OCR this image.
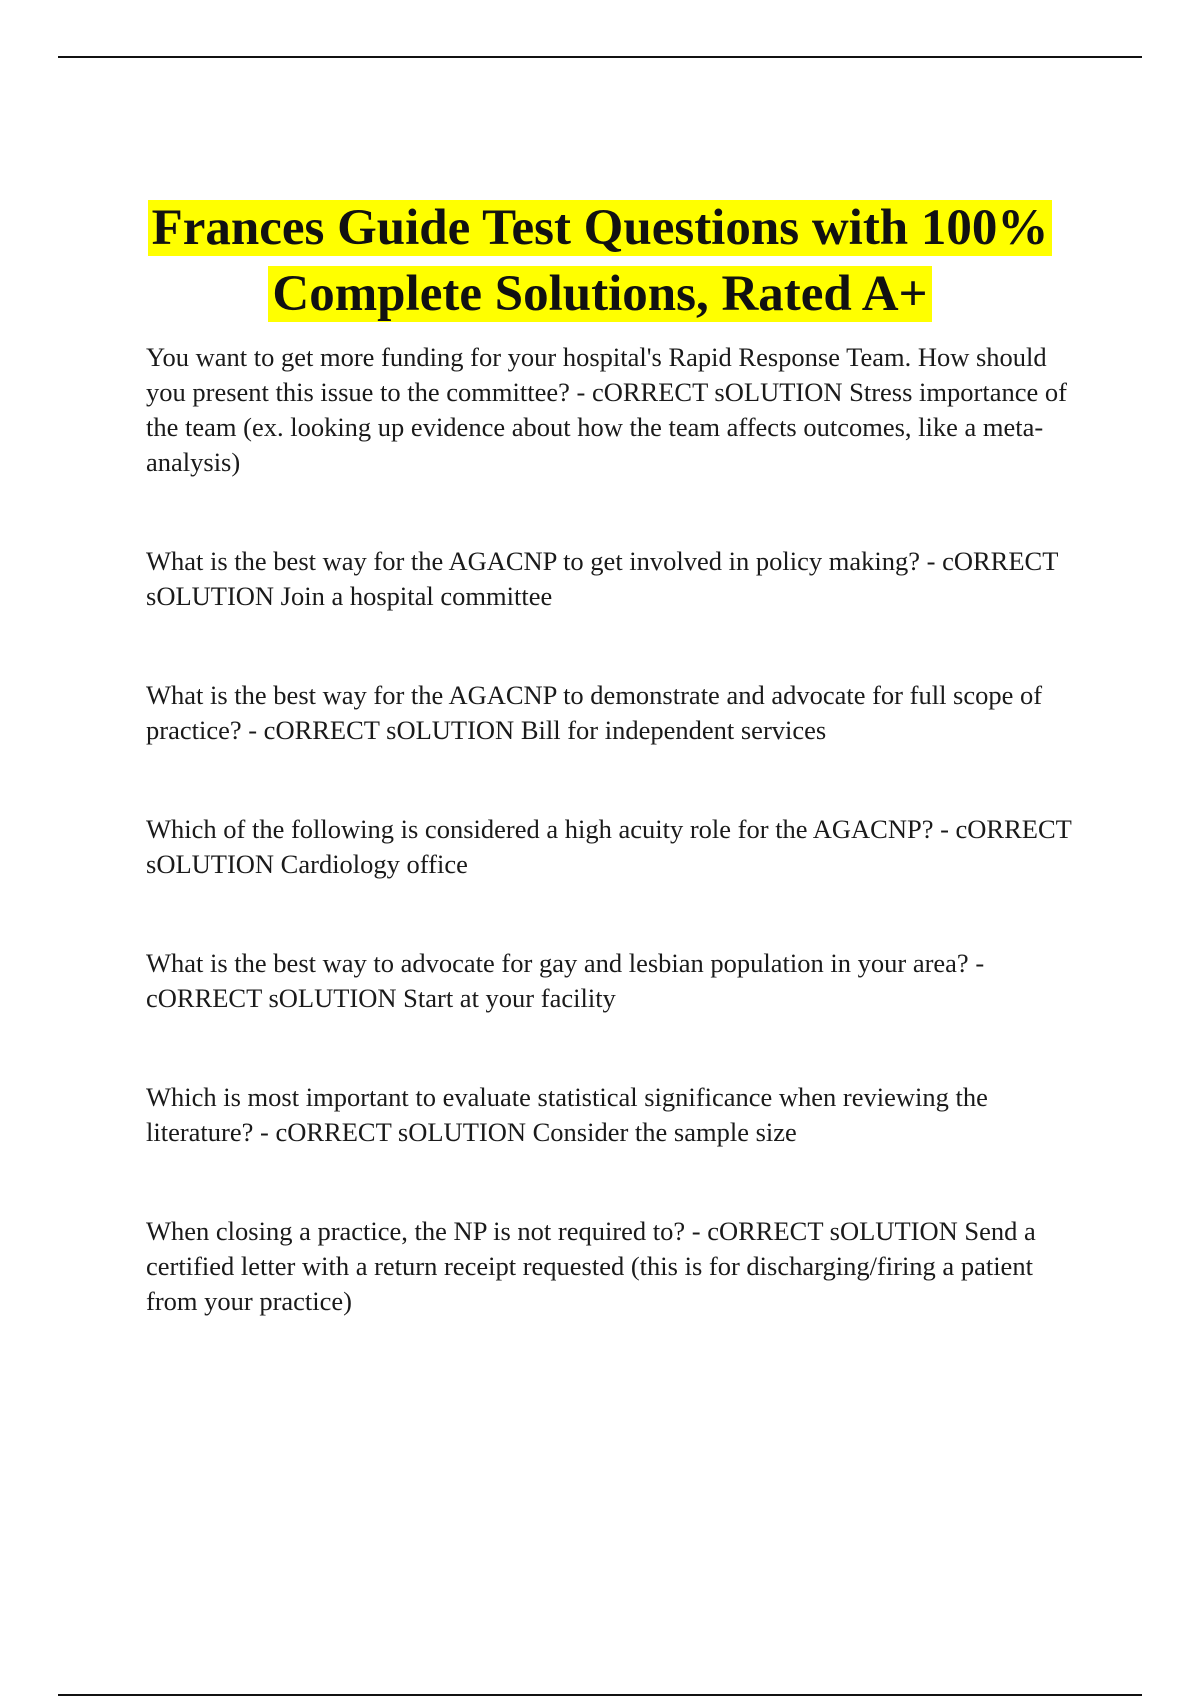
Frances Guide Test Questions with 100%
Complete Solutions, Rated A+

You want to get more funding for your hospital's Rapid Response Team. How should you present this issue to the committee? - cORRECT sOLUTION Stress importance of the team (ex. looking up evidence about how the team affects outcomes, like a meta-analysis)

What is the best way for the AGACNP to get involved in policy making? - cORRECT sOLUTION Join a hospital committee

What is the best way for the AGACNP to demonstrate and advocate for full scope of practice? - cORRECT sOLUTION Bill for independent services

Which of the following is considered a high acuity role for the AGACNP? - cORRECT sOLUTION Cardiology office

What is the best way to advocate for gay and lesbian population in your area? - cORRECT sOLUTION Start at your facility

Which is most important to evaluate statistical significance when reviewing the literature? - cORRECT sOLUTION Consider the sample size

When closing a practice, the NP is not required to? - cORRECT sOLUTION Send a certified letter with a return receipt requested (this is for discharging/firing a patient from your practice)
